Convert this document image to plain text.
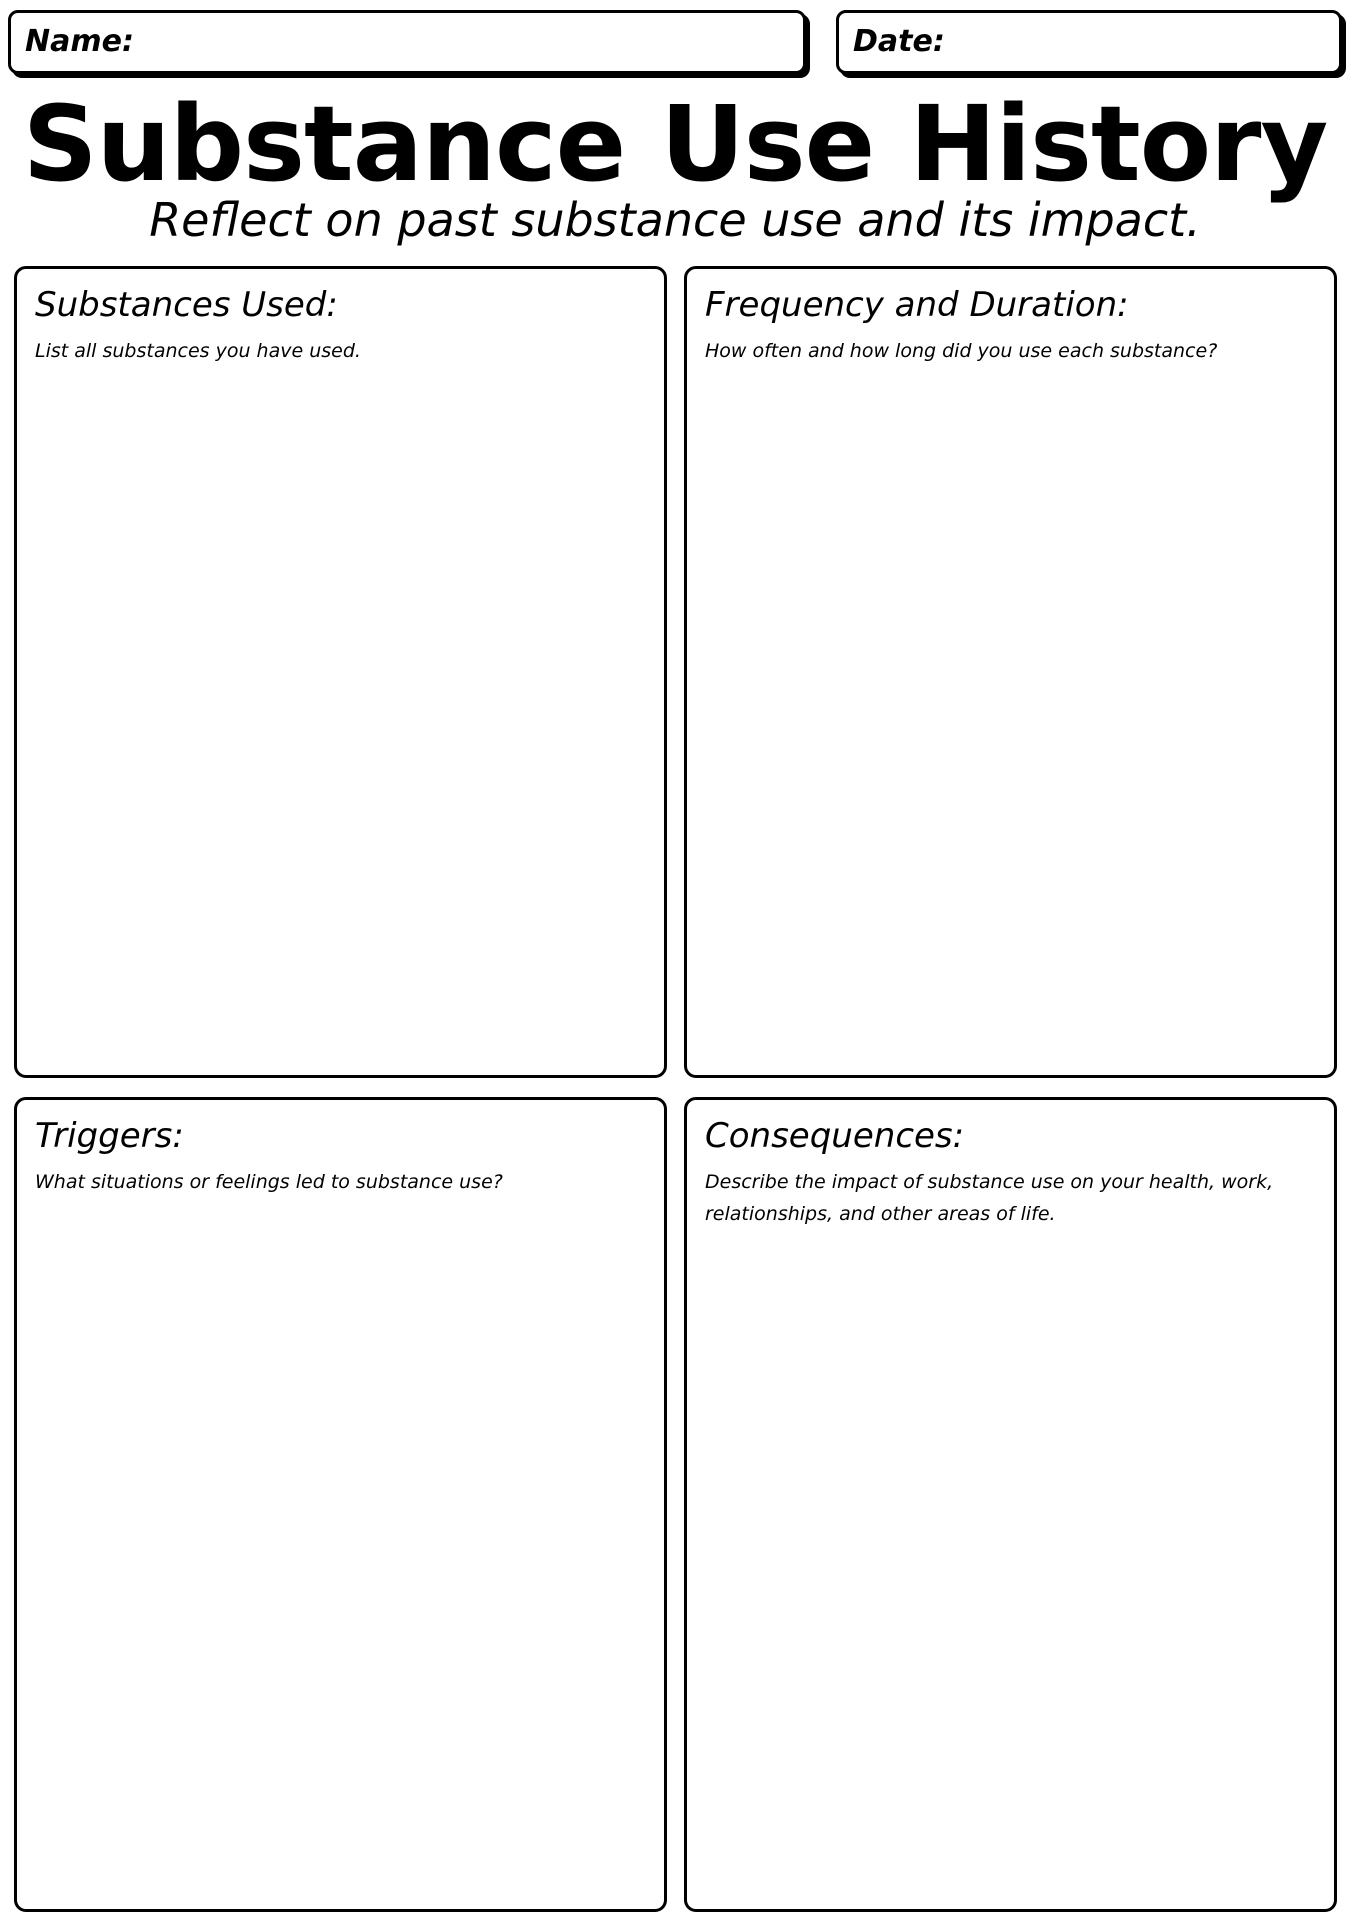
Name:	Date:
Substance Use History
Reflect on past substance use and its impact.
Substances Used:
List all substances you have used.
Frequency and Duration:
How often and how long did you use each substance?
Triggers:
What situations or feelings led to substance use?
Consequences:
Describe the impact of substance use on your health, work, relationships, and other areas of life.
